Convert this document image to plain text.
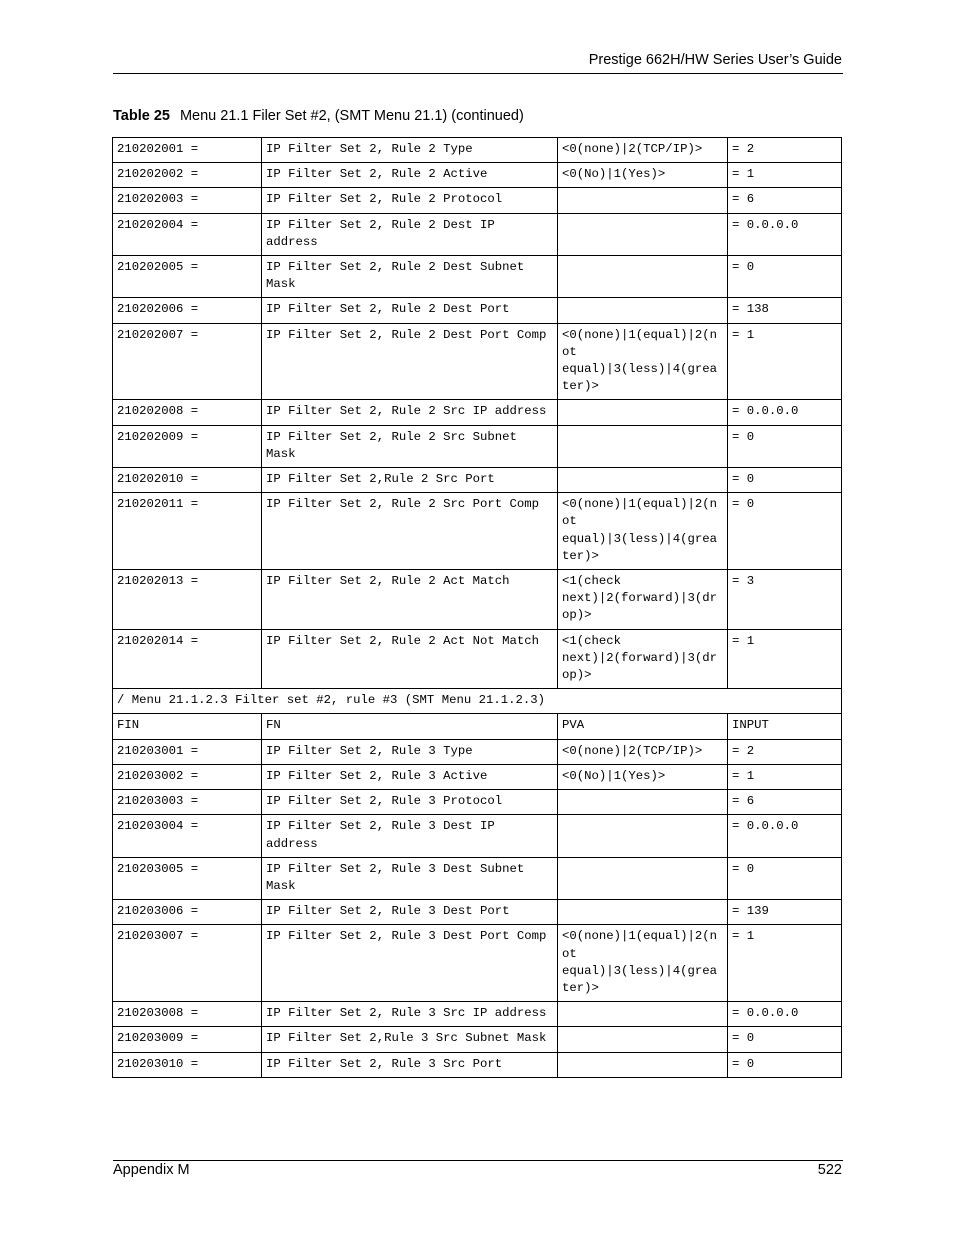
Prestige 662H/HW Series User’s Guide
Table 25 Menu 21.1 Filer Set #2, (SMT Menu 21.1) (continued)
210202001 =	IP Filter Set 2, Rule 2 Type	<0(none)|2(TCP/IP)>	= 2
210202002 =	IP Filter Set 2, Rule 2 Active	<0(No)|1(Yes)>	= 1
210202003 =	IP Filter Set 2, Rule 2 Protocol		= 6
210202004 =	IP Filter Set 2, Rule 2 Dest IP address		= 0.0.0.0
210202005 =	IP Filter Set 2, Rule 2 Dest Subnet Mask		= 0
210202006 =	IP Filter Set 2, Rule 2 Dest Port		= 138
210202007 =	IP Filter Set 2, Rule 2 Dest Port Comp	<0(none)|1(equal)|2(not equal)|3(less)|4(greater)>	= 1
210202008 =	IP Filter Set 2, Rule 2 Src IP address		= 0.0.0.0
210202009 =	IP Filter Set 2, Rule 2 Src Subnet Mask		= 0
210202010 =	IP Filter Set 2,Rule 2 Src Port		= 0
210202011 =	IP Filter Set 2, Rule 2 Src Port Comp	<0(none)|1(equal)|2(not equal)|3(less)|4(greater)>	= 0
210202013 =	IP Filter Set 2, Rule 2 Act Match	<1(check next)|2(forward)|3(drop)>	= 3
210202014 =	IP Filter Set 2, Rule 2 Act Not Match	<1(check next)|2(forward)|3(drop)>	= 1
/ Menu 21.1.2.3 Filter set #2, rule #3 (SMT Menu 21.1.2.3)			
FIN	FN	PVA	INPUT
210203001 =	IP Filter Set 2, Rule 3 Type	<0(none)|2(TCP/IP)>	= 2
210203002 =	IP Filter Set 2, Rule 3 Active	<0(No)|1(Yes)>	= 1
210203003 =	IP Filter Set 2, Rule 3 Protocol		= 6
210203004 =	IP Filter Set 2, Rule 3 Dest IP address		= 0.0.0.0
210203005 =	IP Filter Set 2, Rule 3 Dest Subnet Mask		= 0
210203006 =	IP Filter Set 2, Rule 3 Dest Port		= 139
210203007 =	IP Filter Set 2, Rule 3 Dest Port Comp	<0(none)|1(equal)|2(not equal)|3(less)|4(greater)>	= 1
210203008 =	IP Filter Set 2, Rule 3 Src IP address		= 0.0.0.0
210203009 =	IP Filter Set 2,Rule 3 Src Subnet Mask		= 0
210203010 =	IP Filter Set 2, Rule 3 Src Port		= 0
Appendix M	522
